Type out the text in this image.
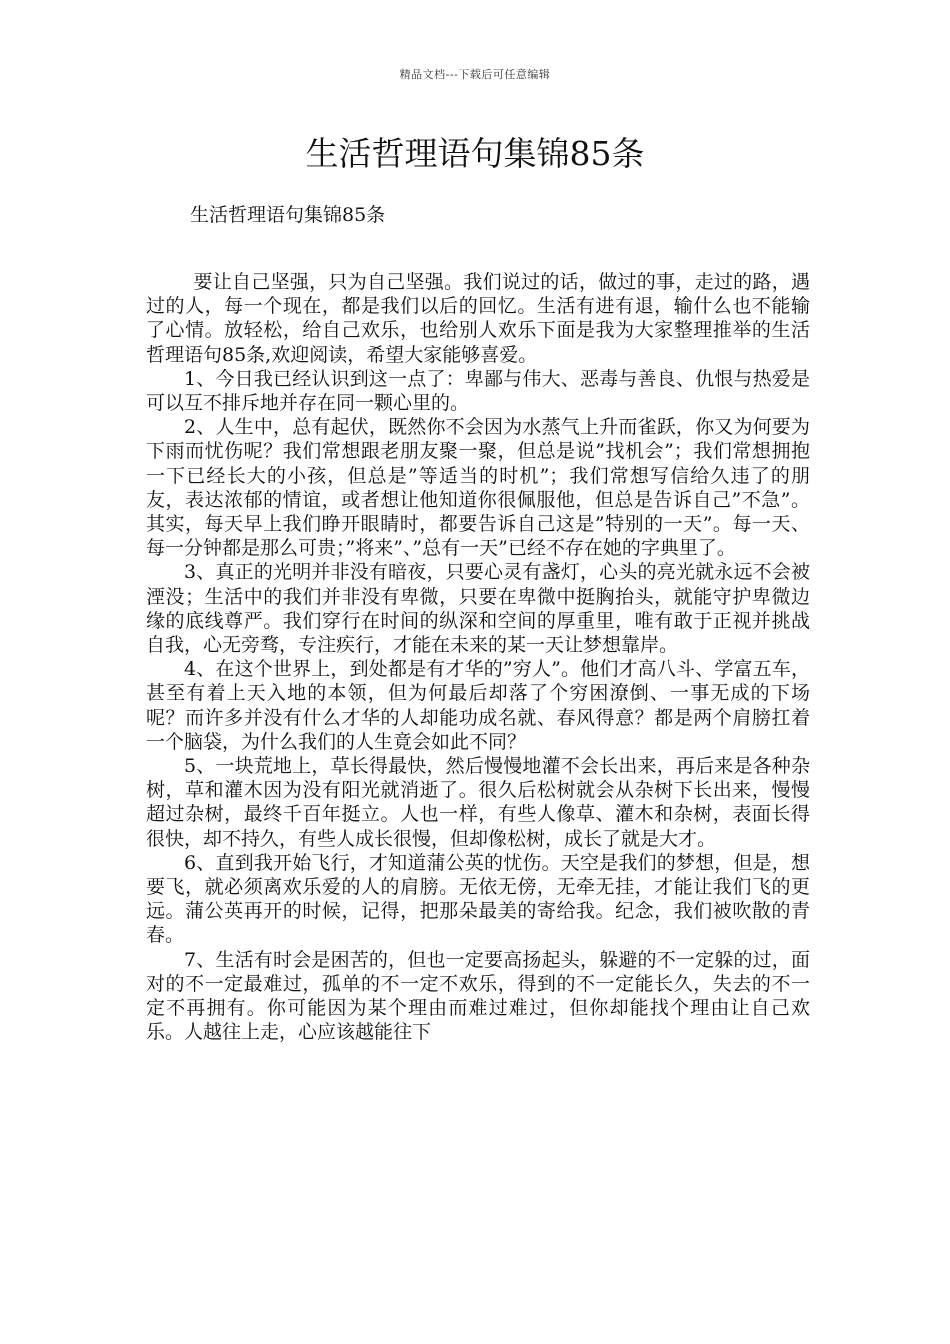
精品文档---下载后可任意编辑
生活哲理语句集锦85条
生活哲理语句集锦85条

要让自己坚强，只为自己坚强。我们说过的话，做过的事，走过的路，遇过的人，每一个现在，都是我们以后的回忆。生活有进有退，输什么也不能输了心情。放轻松，给自己欢乐，也给别人欢乐下面是我为大家整理推举的生活哲理语句85条,欢迎阅读，希望大家能够喜爱。

1、今日我已经认识到这一点了：卑鄙与伟大、恶毒与善良、仇恨与热爱是可以互不排斥地并存在同一颗心里的。

2、人生中，总有起伏，既然你不会因为水蒸气上升而雀跃，你又为何要为下雨而忧伤呢？我们常想跟老朋友聚一聚，但总是说”找机会”；我们常想拥抱一下已经长大的小孩，但总是”等适当的时机”；我们常想写信给久违了的朋友，表达浓郁的情谊，或者想让他知道你很佩服他，但总是告诉自己”不急”。其实，每天早上我们睁开眼睛时，都要告诉自己这是”特别的一天”。每一天、每一分钟都是那么可贵；”将来”、”总有一天”已经不存在她的字典里了。

3、真正的光明并非没有暗夜，只要心灵有盏灯，心头的亮光就永远不会被湮没；生活中的我们并非没有卑微，只要在卑微中挺胸抬头，就能守护卑微边缘的底线尊严。我们穿行在时间的纵深和空间的厚重里，唯有敢于正视并挑战自我，心无旁骛，专注疾行，才能在未来的某一天让梦想靠岸。

4、在这个世界上，到处都是有才华的”穷人”。他们才高八斗、学富五车，甚至有着上天入地的本领，但为何最后却落了个穷困潦倒、一事无成的下场呢？而许多并没有什么才华的人却能功成名就、春风得意？都是两个肩膀扛着一个脑袋，为什么我们的人生竟会如此不同？

5、一块荒地上，草长得最快，然后慢慢地灌不会长出来，再后来是各种杂树，草和灌木因为没有阳光就消逝了。很久后松树就会从杂树下长出来，慢慢超过杂树，最终千百年挺立。人也一样，有些人像草、灌木和杂树，表面长得很快，却不持久，有些人成长很慢，但却像松树，成长了就是大才。

6、直到我开始飞行，才知道蒲公英的忧伤。天空是我们的梦想，但是，想要飞，就必须离欢乐爱的人的肩膀。无依无傍，无牵无挂，才能让我们飞的更远。蒲公英再开的时候，记得，把那朵最美的寄给我。纪念，我们被吹散的青春。

7、生活有时会是困苦的，但也一定要高扬起头，躲避的不一定躲的过，面对的不一定最难过，孤单的不一定不欢乐，得到的不一定能长久，失去的不一定不再拥有。你可能因为某个理由而难过难过，但你却能找个理由让自己欢乐。人越往上走，心应该越能往下
